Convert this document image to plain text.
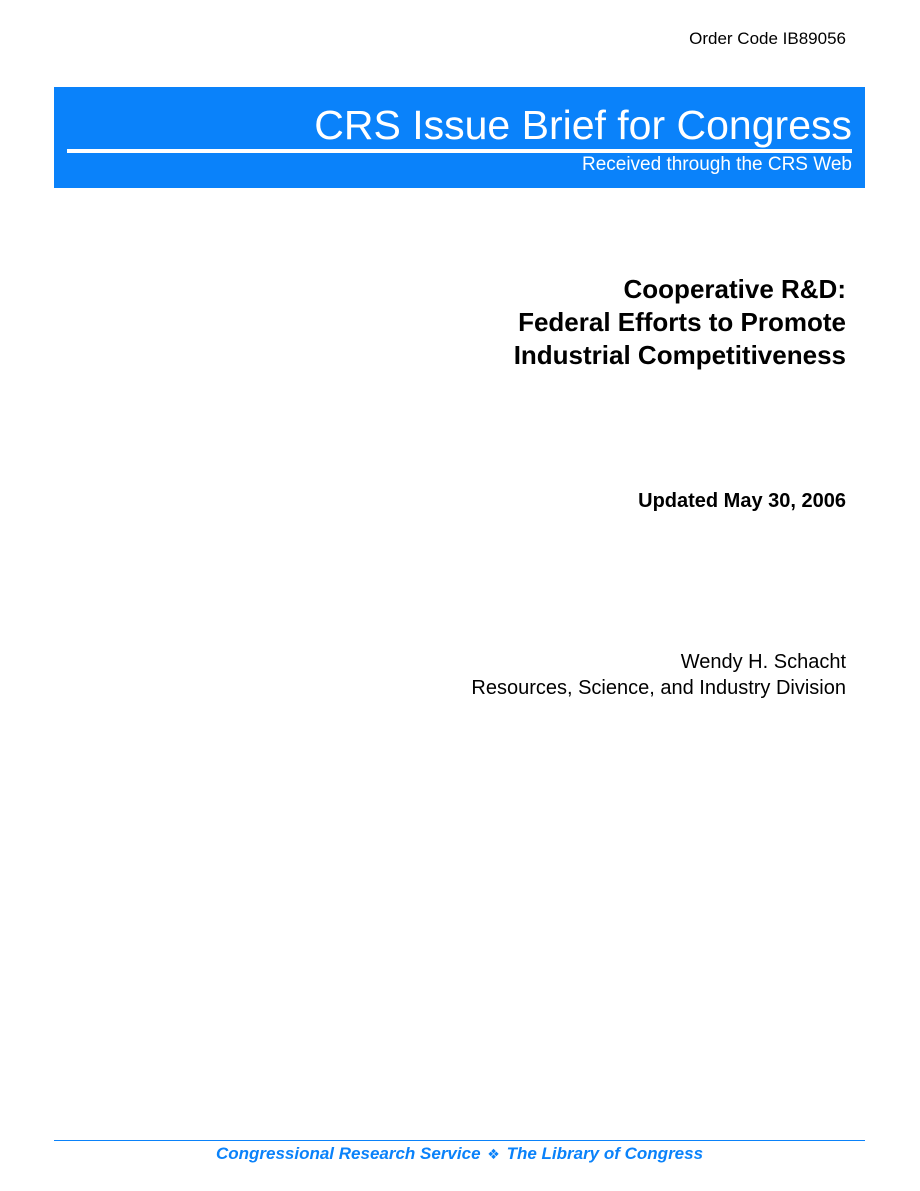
Order Code IB89056
CRS Issue Brief for Congress
Received through the CRS Web
Cooperative R&D:
Federal Efforts to Promote
Industrial Competitiveness
Updated May 30, 2006
Wendy H. Schacht
Resources, Science, and Industry Division
Congressional Research Service ❖ The Library of Congress
